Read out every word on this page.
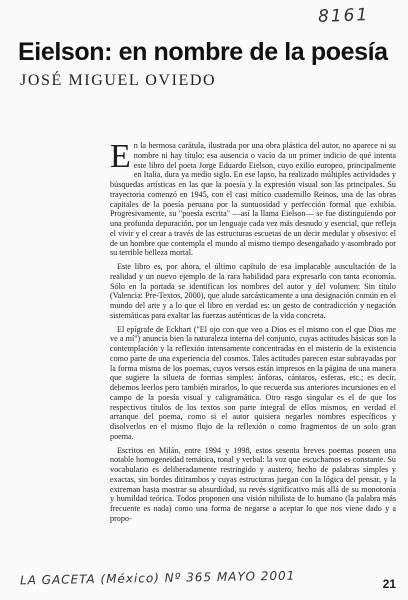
8161
Eielson: en nombre de la poesía
JOSÉ MIGUEL OVIEDO

En la hermosa carátula, ilustrada por una obra plástica del autor, no aparece ni su nombre ni hay título; esa ausencia o vacío da un primer indicio de qué intenta este libro del poeta Jorge Eduardo Eielson, cuyo exilio europeo, principalmente en Italia, dura ya medio siglo. En ese lapso, ha realizado múltiples actividades y búsquedas artísticas en las que la poesía y la expresión visual son las principales. Su trayectoria comenzó en 1945, con el casi mítico cuadernillo Reinos, una de las obras capitales de la poesía peruana por la suntuosidad y perfección formal que exhibía. Progresivamente, su "poesía escrita" —así la llama Eielson— se fue distinguiendo por una profunda depuración, por un lenguaje cada vez más desnudo y esencial, que refleja el vivir y el crear a través de las estructuras escuetas de un decir medular y obsesivo: el de un hombre que contempla el mundo al mismo tiempo desengañado y asombrado por su terrible belleza mortal.

Este libro es, por ahora, el último capítulo de esa implacable auscultación de la realidad y un nuevo ejemplo de la rara habilidad para expresarlo con tanta economía. Sólo en la portada se identifican los nombres del autor y del volumen: Sin título (Valencia: Pre-Textos, 2000), que alude sarcásticamente a una designación común en el mundo del arte y a lo que el libro en verdad es: un gesto de contradicción y negación sistemáticas para exaltar las fuerzas auténticas de la vida concreta.

El epígrafe de Eckhart ("El ojo con que veo a Dios es el mismo con el que Dios me ve a mí") anuncia bien la naturaleza interna del conjunto, cuyas actitudes básicas son la contemplación y la reflexión intensamente concentradas en el misterio de la existencia como parte de una experiencia del cosmos. Tales actitudes parecen estar subrayadas por la forma misma de los poemas, cuyos versos están impresos en la página de una manera que sugiere la silueta de formas simples: ánforas, cántaros, esferas, etc.; es decir, debemos leerlos pero también mirarlos, lo que recuerda sus anteriores incursiones en el campo de la poesía visual y caligramática. Otro rasgo singular es el de que los respectivos títulos de los textos son parte integral de ellos mismos, en verdad el arranque del poema, como si el autor quisiera negarles nombres específicos y disolverlos en el mismo flujo de la reflexión o como fragmentos de un solo gran poema.

Escritos en Milán, entre 1994 y 1998, estos sesenta breves poemas poseen una notable homogeneidad temática, tonal y verbal: la voz que escuchamos es constante. Su vocabulario es deliberadamente restringido y austero, hecho de palabras simples y exactas, sin bordes ditirambos y cuyas estructuras juegan con la lógica del pensar, y la extreman hasta mostrar su absurdidad, su revés significativo más allá de su monotonía y humildad teórica. Todos proponen una visión nihilista de lo humano (la palabra más frecuente es nada) como una forma de negarse a aceptar lo que nos viene dado y a propo-

LA GACETA (México) Nº 365 MAYO 2001	21
